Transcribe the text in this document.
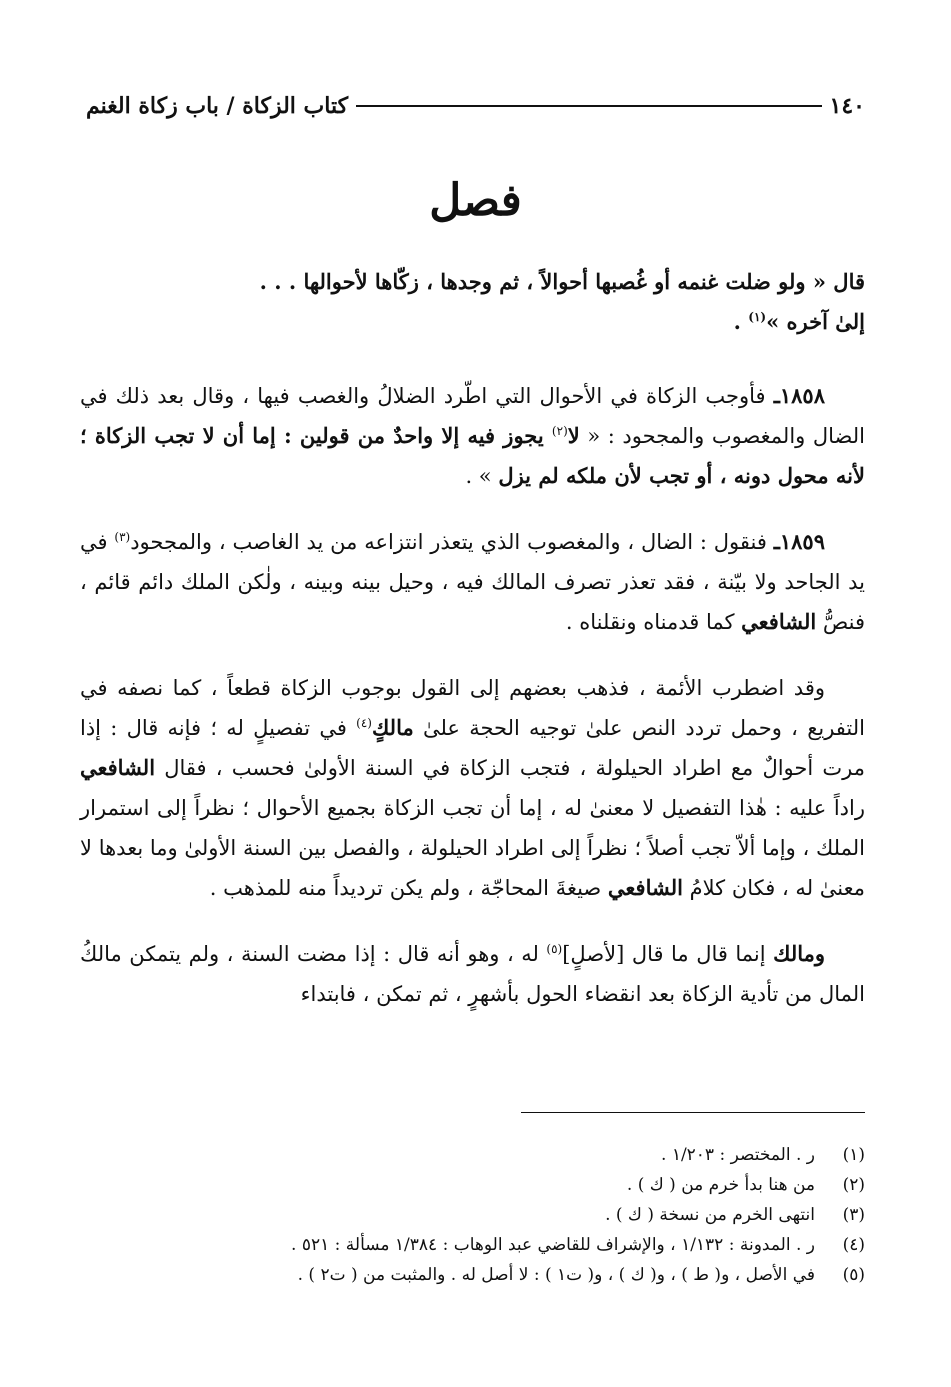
١٤٠
كتاب الزكاة / باب زكاة الغنم
فصل

قال « ولو ضلت غنمه أو غُصبها أحوالاً ، ثم وجدها ، زكّاها لأحوالها . . .
إلىٰ آخره »$^{(١)}$ .

١٨٥٨ـ فأوجب الزكاة في الأحوال التي اطّرد الضلالُ والغصب فيها ، وقال بعد ذلك في الضال والمغصوب والمجحود : « لا$^{(٢)}$ يجوز فيه إلا واحدٌ من قولين : إما أن لا تجب الزكاة ؛ لأنه محول دونه ، أو تجب لأن ملكه لم يزل » .

١٨٥٩ـ فنقول : الضال ، والمغصوب الذي يتعذر انتزاعه من يد الغاصب ، والمجحود$^{(٣)}$ في يد الجاحد ولا بيّنة ، فقد تعذر تصرف المالك فيه ، وحيل بينه وبينه ، ولٰكن الملك دائم قائم ، فنصُّ الشافعي كما قدمناه ونقلناه .

وقد اضطرب الأئمة ، فذهب بعضهم إلى القول بوجوب الزكاة قطعاً ، كما نصفه في التفريع ، وحمل تردد النص علىٰ توجيه الحجة علىٰ مالكٍ$^{(٤)}$ في تفصيلٍ له ؛ فإنه قال : إذا مرت أحوالٌ مع اطراد الحيلولة ، فتجب الزكاة في السنة الأولىٰ فحسب ، فقال الشافعي راداً عليه : هٰذا التفصيل لا معنىٰ له ، إما أن تجب الزكاة بجميع الأحوال ؛ نظراً إلى استمرار الملك ، وإما ألاّ تجب أصلاً ؛ نظراً إلى اطراد الحيلولة ، والفصل بين السنة الأولىٰ وما بعدها لا معنىٰ له ، فكان كلامُ الشافعي صيغةَ المحاجّة ، ولم يكن ترديداً منه للمذهب .

ومالك إنما قال ما قال [لأصلٍ]$^{(٥)}$ له ، وهو أنه قال : إذا مضت السنة ، ولم يتمكن مالكُ المال من تأدية الزكاة بعد انقضاء الحول بأشهرٍ ، ثم تمكن ، فابتداء

(١)
ر . المختصر : ١/٢٠٣ .
(٢)
من هنا بدأ خرم من ( ك ) .
(٣)
انتهى الخرم من نسخة ( ك ) .
(٤)
ر . المدونة : ١/١٣٢ ، والإشراف للقاضي عبد الوهاب : ١/٣٨٤ مسألة : ٥٢١ .
(٥)
في الأصل ، و( ط ) ، و( ك ) ، و( ت١ ) : لا أصل له . والمثبت من ( ت٢ ) .
